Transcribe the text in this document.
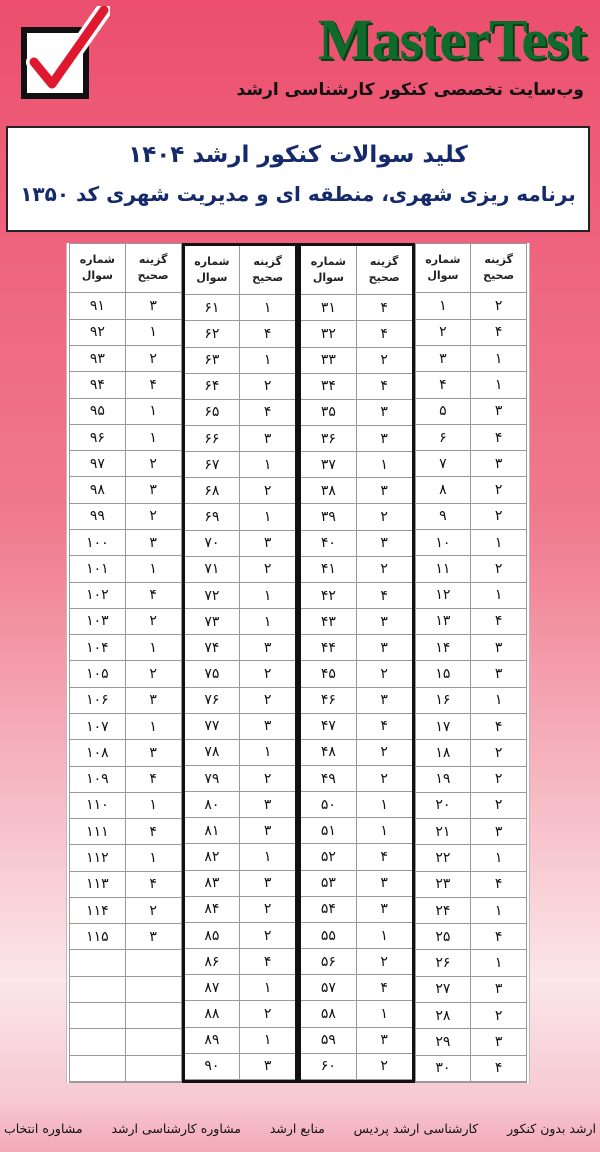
MasterTest
وب‌سایت تخصصی کنکور کارشناسی ارشد
کلید سوالات کنکور ارشد ۱۴۰۴
برنامه ریزی شهری، منطقه ای و مدیریت شهری کد ۱۳۵۰
گزینه
صحیح
شماره
سوال
۲
۱
۴
۲
۱
۳
۱
۴
۳
۵
۴
۶
۳
۷
۲
۸
۲
۹
۱
۱۰
۲
۱۱
۱
۱۲
۴
۱۳
۳
۱۴
۳
۱۵
۱
۱۶
۴
۱۷
۲
۱۸
۲
۱۹
۲
۲۰
۳
۲۱
۱
۲۲
۴
۲۳
۱
۲۴
۴
۲۵
۱
۲۶
۳
۲۷
۲
۲۸
۳
۲۹
۴
۳۰
گزینه
صحیح
شماره
سوال
۴
۳۱
۴
۳۲
۲
۳۳
۴
۳۴
۳
۳۵
۳
۳۶
۱
۳۷
۳
۳۸
۲
۳۹
۳
۴۰
۲
۴۱
۴
۴۲
۳
۴۳
۳
۴۴
۲
۴۵
۳
۴۶
۴
۴۷
۲
۴۸
۲
۴۹
۱
۵۰
۱
۵۱
۴
۵۲
۳
۵۳
۳
۵۴
۱
۵۵
۲
۵۶
۴
۵۷
۱
۵۸
۳
۵۹
۲
۶۰
گزینه
صحیح
شماره
سوال
۱
۶۱
۴
۶۲
۱
۶۳
۲
۶۴
۴
۶۵
۳
۶۶
۱
۶۷
۲
۶۸
۱
۶۹
۳
۷۰
۲
۷۱
۱
۷۲
۱
۷۳
۳
۷۴
۲
۷۵
۲
۷۶
۳
۷۷
۱
۷۸
۲
۷۹
۳
۸۰
۳
۸۱
۱
۸۲
۳
۸۳
۲
۸۴
۲
۸۵
۴
۸۶
۱
۸۷
۲
۸۸
۱
۸۹
۳
۹۰
گزینه
صحیح
شماره
سوال
۳
۹۱
۱
۹۲
۲
۹۳
۴
۹۴
۱
۹۵
۱
۹۶
۲
۹۷
۳
۹۸
۲
۹۹
۳
۱۰۰
۱
۱۰۱
۴
۱۰۲
۲
۱۰۳
۱
۱۰۴
۲
۱۰۵
۳
۱۰۶
۱
۱۰۷
۳
۱۰۸
۴
۱۰۹
۱
۱۱۰
۴
۱۱۱
۱
۱۱۲
۴
۱۱۳
۲
۱۱۴
۳
۱۱۵
ارشد بدون کنکور
کارشناسی ارشد پردیس
منابع ارشد
مشاوره کارشناسی ارشد
مشاوره انتخاب
